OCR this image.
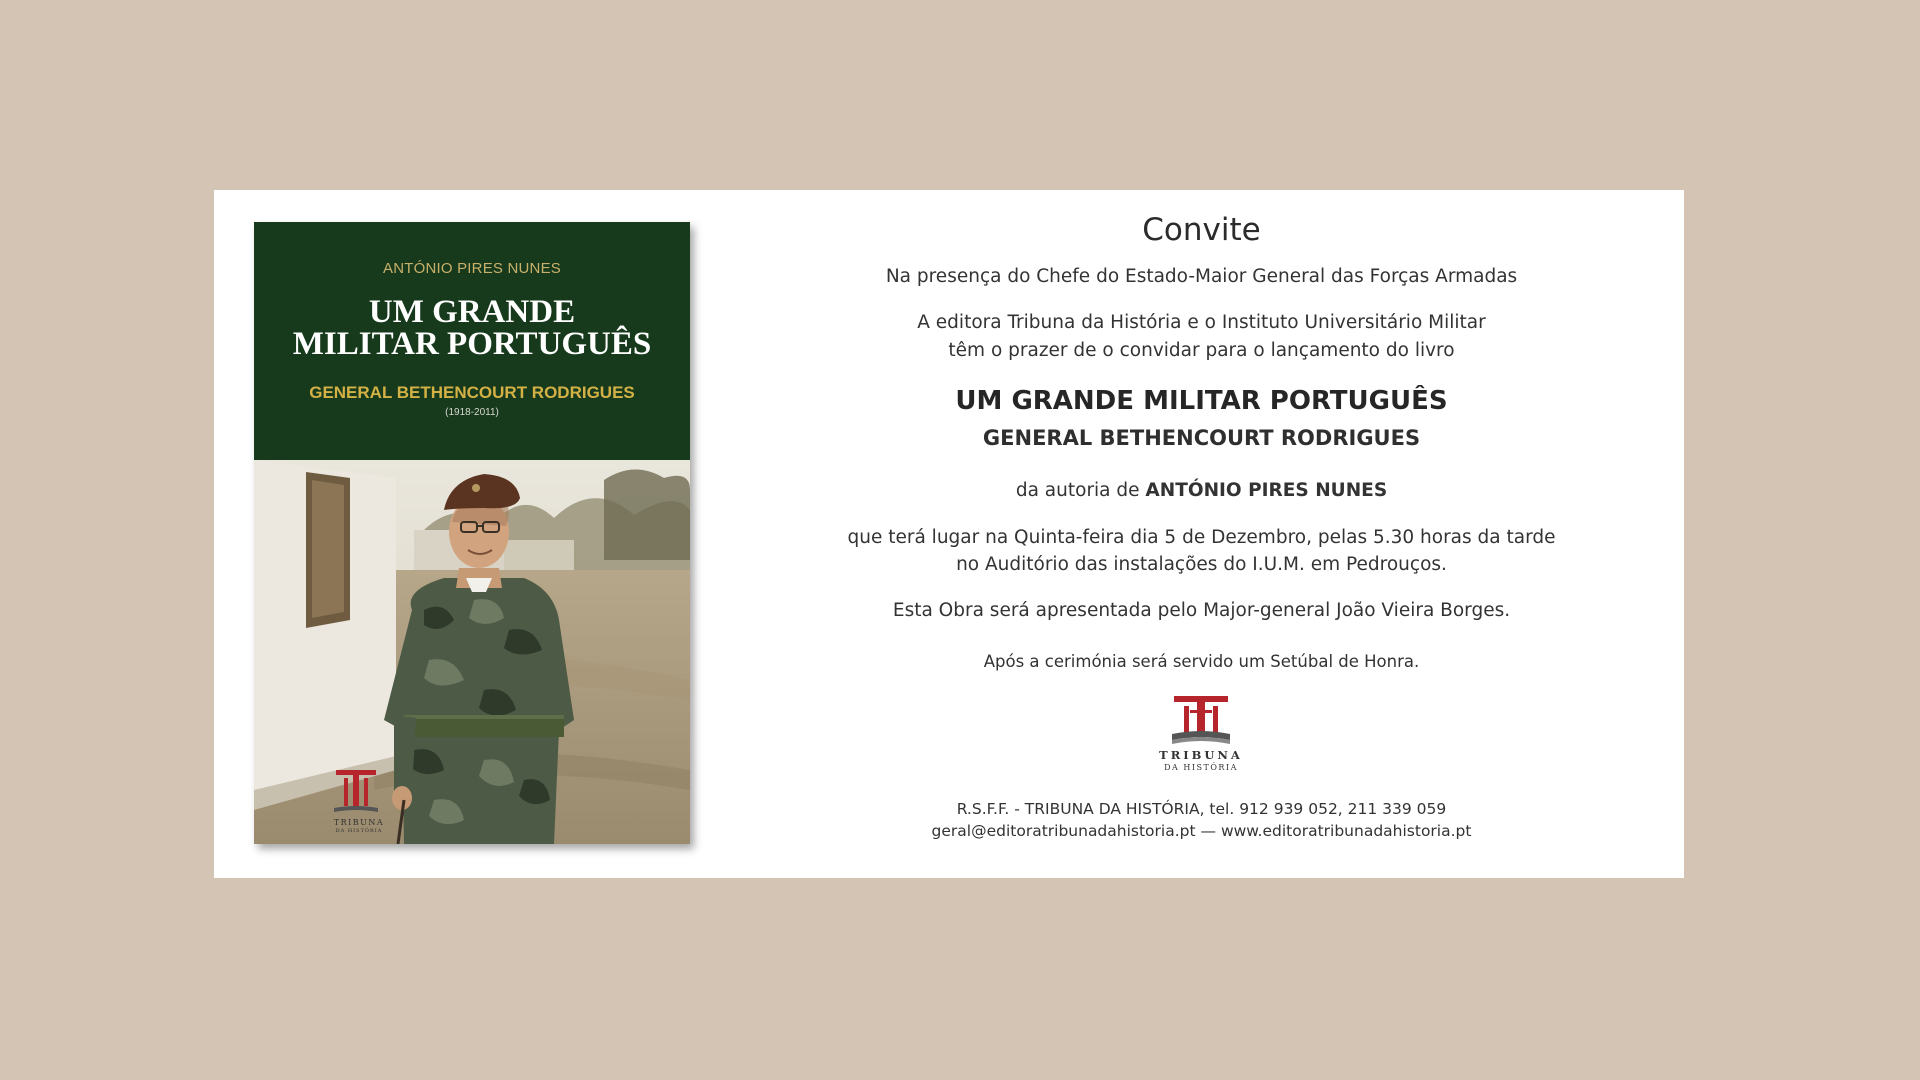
ANTÓNIO PIRES NUNES
UM GRANDE
MILITAR PORTUGUÊS
GENERAL BETHENCOURT RODRIGUES
(1918-2011)
TRIBUNA
DA HISTÓRIA
Convite
Na presença do Chefe do Estado-Maior General das Forças Armadas
A editora Tribuna da História e o Instituto Universitário Militar
têm o prazer de o convidar para o lançamento do livro
UM GRANDE MILITAR PORTUGUÊS
GENERAL BETHENCOURT RODRIGUES
da autoria de ANTÓNIO PIRES NUNES
que terá lugar na Quinta-feira dia 5 de Dezembro, pelas 5.30 horas da tarde
no Auditório das instalações do I.U.M. em Pedrouços.
Esta Obra será apresentada pelo Major-general João Vieira Borges.
Após a cerimónia será servido um Setúbal de Honra.
R.S.F.F. - TRIBUNA DA HISTÓRIA, tel. 912 939 052, 211 339 059
geral@editoratribunadahistoria.pt — www.editoratribunadahistoria.pt
TRIBUNA
DA HISTÓRIA
